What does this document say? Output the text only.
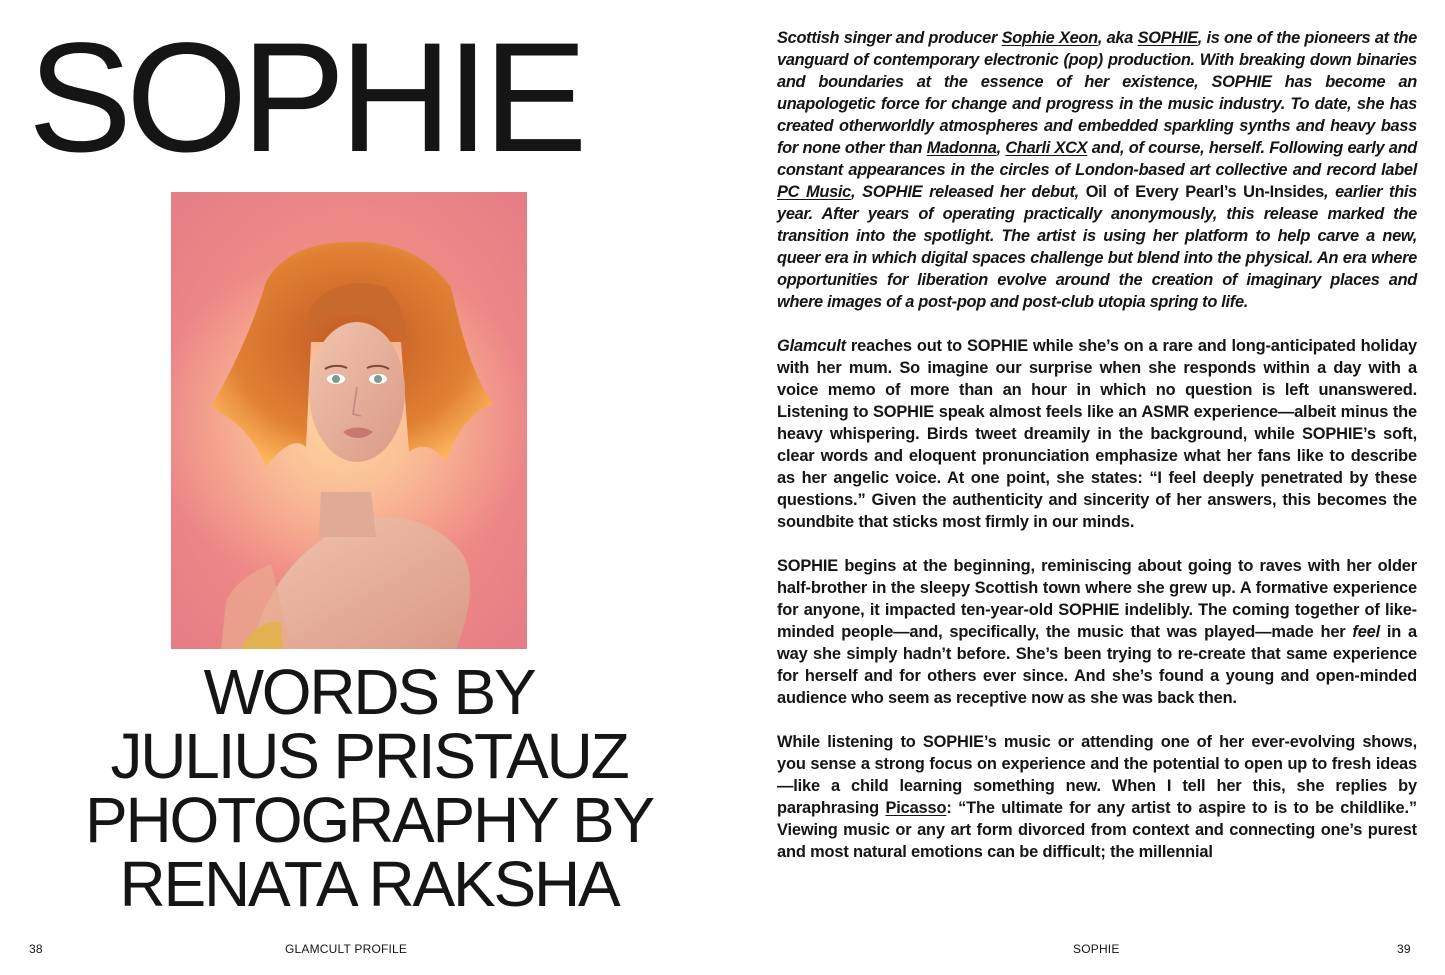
SOPHIE
WORDS BY
JULIUS PRISTAUZ
PHOTOGRAPHY BY
RENATA RAKSHA
38	GLAMCULT PROFILE

Scottish singer and producer Sophie Xeon, aka SOPHIE, is one of the pioneers at the vanguard of contemporary electronic (pop) production. With breaking down binaries and boundaries at the essence of her existence, SOPHIE has become an unapologetic force for change and progress in the music industry. To date, she has created otherworldly atmospheres and embedded sparkling synths and heavy bass for none other than Madonna, Charli XCX and, of course, herself. Following early and constant appearances in the circles of London-based art collective and record label PC Music, SOPHIE released her debut, Oil of Every Pearl’s Un-Insides, earlier this year. After years of operating practically anonymously, this release marked the transition into the spotlight. The artist is using her platform to help carve a new, queer era in which digital spaces challenge but blend into the physical. An era where opportunities for liberation evolve around the creation of imaginary places and where images of a post-pop and post-club utopia spring to life.

Glamcult reaches out to SOPHIE while she’s on a rare and long-anticipated holiday with her mum. So imagine our surprise when she responds within a day with a voice memo of more than an hour in which no question is left unanswered. Listening to SOPHIE speak almost feels like an ASMR experience—albeit minus the heavy whispering. Birds tweet dreamily in the background, while SOPHIE’s soft, clear words and eloquent pronunciation emphasize what her fans like to describe as her angelic voice. At one point, she states: “I feel deeply penetrated by these questions.” Given the authenticity and sincerity of her answers, this becomes the soundbite that sticks most firmly in our minds.

SOPHIE begins at the beginning, reminiscing about going to raves with her older half-brother in the sleepy Scottish town where she grew up. A formative experience for anyone, it impacted ten-year-old SOPHIE indelibly. The coming together of like-minded people—and, specifically, the music that was played—made her feel in a way she simply hadn’t before. She’s been trying to re-create that same experience for herself and for others ever since. And she’s found a young and open-minded audience who seem as receptive now as she was back then.

While listening to SOPHIE’s music or attending one of her ever-evolving shows, you sense a strong focus on experience and the potential to open up to fresh ideas—like a child learning something new. When I tell her this, she replies by paraphrasing Picasso: “The ultimate for any artist to aspire to is to be childlike.” Viewing music or any art form divorced from context and connecting one’s purest and most natural emotions can be difficult; the millennial

SOPHIE	39
